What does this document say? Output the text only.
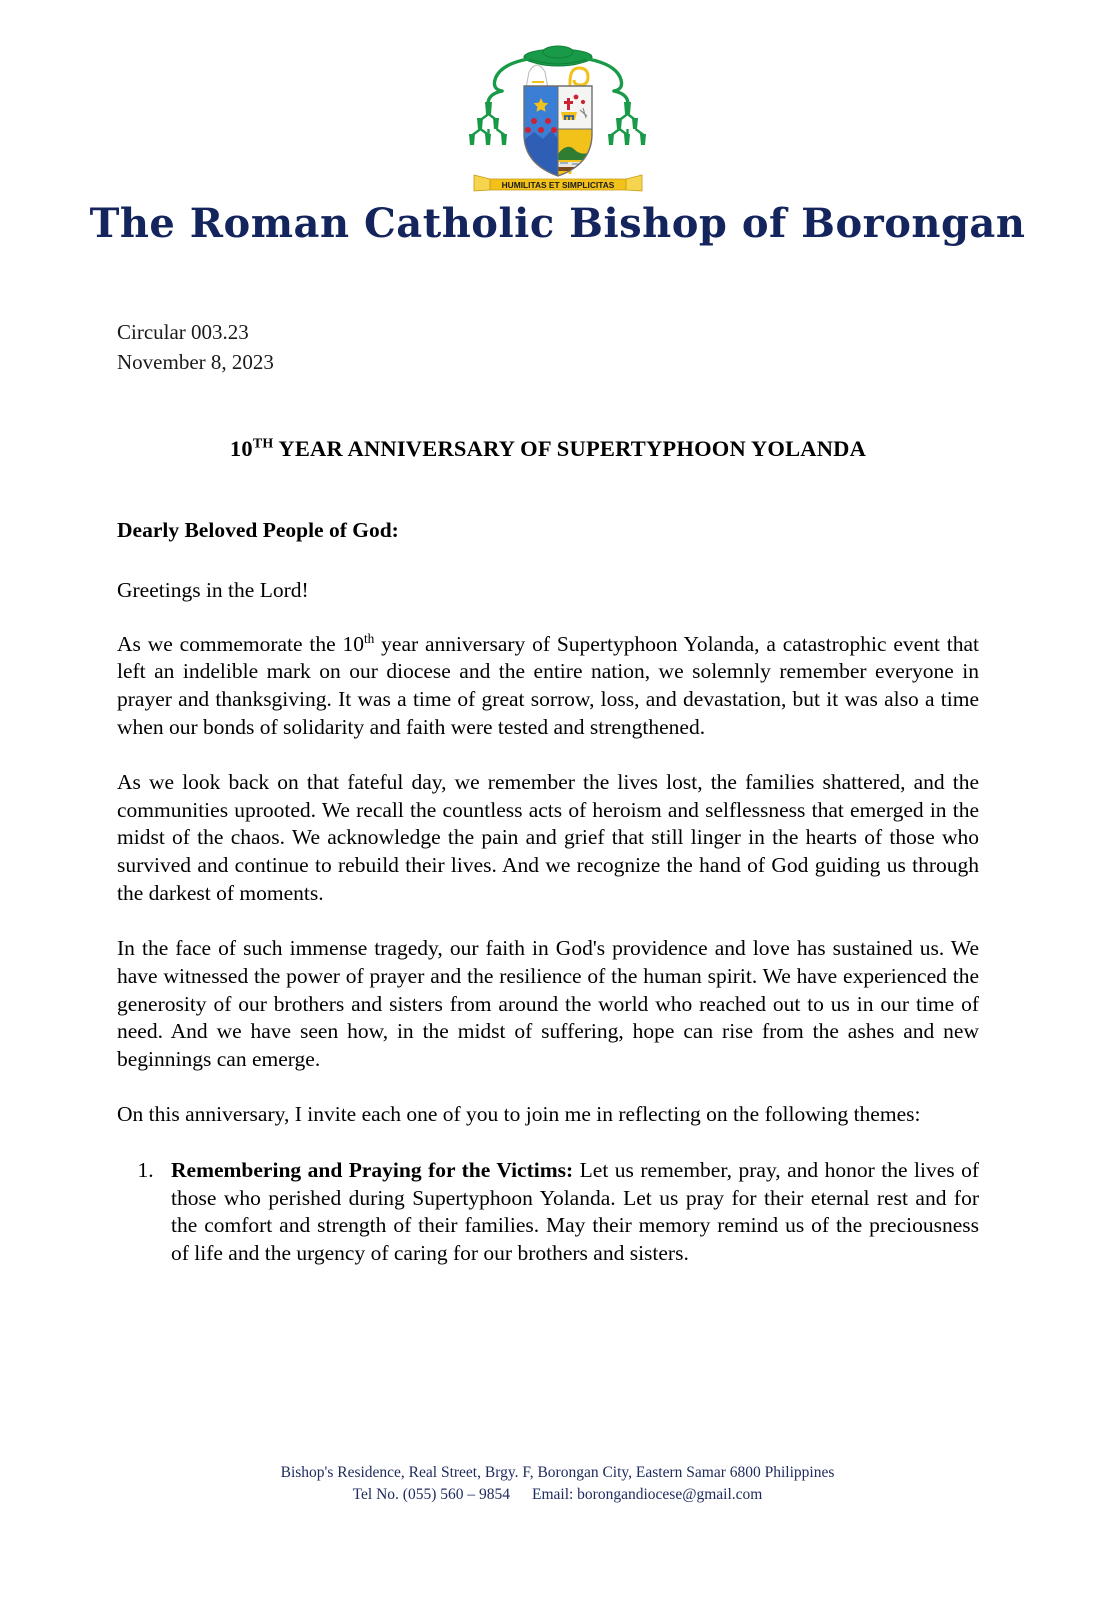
HUMILITAS ET SIMPLICITAS
The Roman Catholic Bishop of Borongan
Circular 003.23
November 8, 2023
10TH YEAR ANNIVERSARY OF SUPERTYPHOON YOLANDA
Dearly Beloved People of God:
Greetings in the Lord!

As we commemorate the 10th year anniversary of Supertyphoon Yolanda, a catastrophic event that left an indelible mark on our diocese and the entire nation, we solemnly remember everyone in prayer and thanksgiving. It was a time of great sorrow, loss, and devastation, but it was also a time when our bonds of solidarity and faith were tested and strengthened.

As we look back on that fateful day, we remember the lives lost, the families shattered, and the communities uprooted. We recall the countless acts of heroism and selflessness that emerged in the midst of the chaos. We acknowledge the pain and grief that still linger in the hearts of those who survived and continue to rebuild their lives. And we recognize the hand of God guiding us through the darkest of moments.

In the face of such immense tragedy, our faith in God's providence and love has sustained us. We have witnessed the power of prayer and the resilience of the human spirit. We have experienced the generosity of our brothers and sisters from around the world who reached out to us in our time of need. And we have seen how, in the midst of suffering, hope can rise from the ashes and new beginnings can emerge.

On this anniversary, I invite each one of you to join me in reflecting on the following themes:

1. Remembering and Praying for the Victims: Let us remember, pray, and honor the lives of those who perished during Supertyphoon Yolanda. Let us pray for their eternal rest and for the comfort and strength of their families. May their memory remind us of the preciousness of life and the urgency of caring for our brothers and sisters.
Bishop's Residence, Real Street, Brgy. F, Borongan City, Eastern Samar 6800 Philippines
Tel No. (055) 560 – 9854 Email: borongandiocese@gmail.com
